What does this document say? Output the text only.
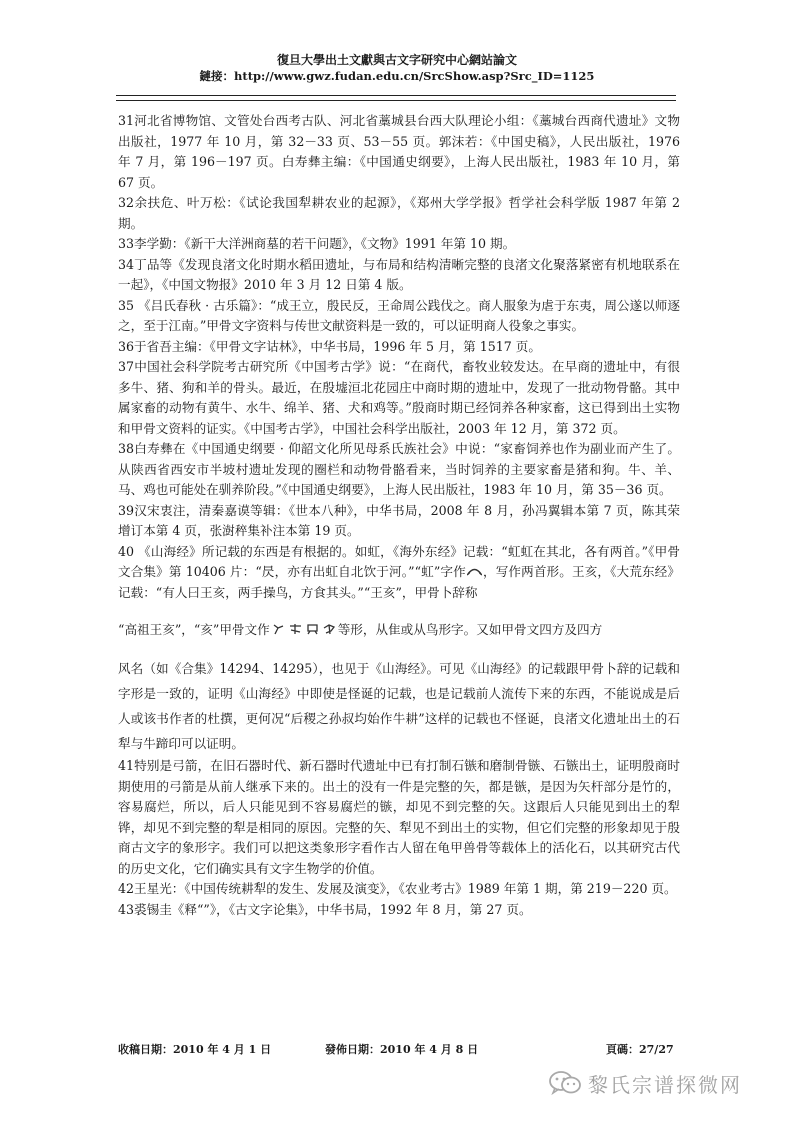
復旦大學出土文獻與古文字研究中心網站論文
鏈接：http://www.gwz.fudan.edu.cn/SrcShow.asp?Src_ID=1125

31河北省博物馆、文管处台西考古队、河北省藁城县台西大队理论小组：《藁城台西商代遗址》文物出版社，1977 年 10 月，第 32－33 页、53－55 页。郭沫若：《中国史稿》，人民出版社，1976 年 7 月，第 196－197 页。白寿彝主编：《中国通史纲要》，上海人民出版社，1983 年 10 月，第 67 页。

32余扶危、叶万松：《试论我国犁耕农业的起源》，《郑州大学学报》哲学社会科学版 1987 年第 2 期。

33李学勤：《新干大洋洲商墓的若干问题》，《文物》1991 年第 10 期。

34丁品等《发现良渚文化时期水稻田遗址，与布局和结构清晰完整的良渚文化聚落紧密有机地联系在一起》，《中国文物报》2010 年 3 月 12 日第 4 版。

35 《吕氏春秋 · 古乐篇》：“成王立，殷民反，王命周公践伐之。商人服象为虐于东夷，周公遂以师逐之，至于江南。”甲骨文字资料与传世文献资料是一致的，可以证明商人役象之事实。

36于省吾主编：《甲骨文字诂林》，中华书局，1996 年 5 月，第 1517 页。

37中国社会科学院考古研究所《中国考古学》说：“在商代，畜牧业较发达。在早商的遗址中，有很多牛、猪、狗和羊的骨头。最近，在殷墟洹北花园庄中商时期的遗址中，发现了一批动物骨骼。其中属家畜的动物有黄牛、水牛、绵羊、猪、犬和鸡等。”殷商时期已经饲养各种家畜，这已得到出土实物和甲骨文资料的证实。《中国考古学》，中国社会科学出版社，2003 年 12 月，第 372 页。

38白寿彝在《中国通史纲要 · 仰韶文化所见母系氏族社会》中说：“家畜饲养也作为副业而产生了。从陕西省西安市半坡村遗址发现的圈栏和动物骨骼看来，当时饲养的主要家畜是猪和狗。牛、羊、马、鸡也可能处在驯养阶段。”《中国通史纲要》，上海人民出版社，1983 年 10 月，第 35－36 页。

39汉宋衷注，清秦嘉谟等辑：《世本八种》，中华书局，2008 年 8 月，孙冯翼辑本第 7 页，陈其荣增订本第 4 页，张澍稡集补注本第 19 页。

40 《山海经》所记载的东西是有根据的。如虹，《海外东经》记载：“虹虹在其北，各有两首。”《甲骨文合集》第 10406 片：“昃，亦有出虹自北饮于河。”“虹”字作 ，写作两首形。王亥，《大荒东经》记载：“有人曰王亥，两手操鸟，方食其头。”“王亥”，甲骨卜辞称

“高祖王亥”，“亥”甲骨文作	等形，从隹或从鸟形字。又如甲骨文四方及四方

风名（如《合集》14294、14295），也见于《山海经》。可见《山海经》的记载跟甲骨卜辞的记载和字形是一致的，证明《山海经》中即使是怪诞的记载，也是记载前人流传下来的东西，不能说成是后人或该书作者的杜撰，更何况“后稷之孙叔均始作牛耕”这样的记载也不怪诞，良渚文化遗址出土的石犁与牛蹄印可以证明。

41特别是弓箭，在旧石器时代、新石器时代遗址中已有打制石镞和磨制骨镞、石镞出土，证明殷商时期使用的弓箭是从前人继承下来的。出土的没有一件是完整的矢，都是镞，是因为矢杆部分是竹的，容易腐烂，所以，后人只能见到不容易腐烂的镞，却见不到完整的矢。这跟后人只能见到出土的犁铧，却见不到完整的犁是相同的原因。完整的矢、犁见不到出土的实物，但它们完整的形象却见于殷商古文字的象形字。我们可以把这类象形字看作古人留在龟甲兽骨等载体上的活化石，以其研究古代的历史文化，它们确实具有文字生物学的价值。

42王星光：《中国传统耕犁的发生、发展及演变》，《农业考古》1989 年第 1 期，第 219－220 页。

43裘锡圭《释“”》，《古文字论集》，中华书局，1992 年 8 月，第 27 页。

收稿日期：2010 年 4 月 1 日	發佈日期：2010 年 4 月 8 日	頁碼：27/27
黎氏宗谱探微网
